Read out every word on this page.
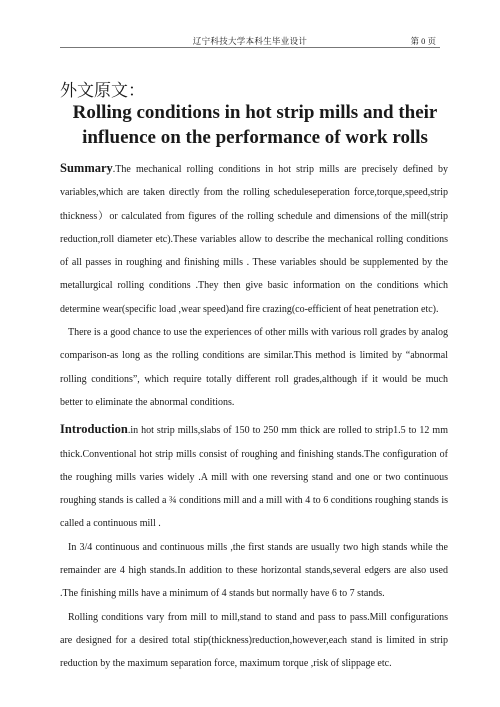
辽宁科技大学本科生毕业设计	第 0 页
外文原文：
Rolling conditions in hot strip mills and their influence on the performance of work rolls

Summary.The mechanical rolling conditions in hot strip mills are precisely defined by variables,which are taken directly from the rolling scheduleseperation force,torque,speed,strip thickness）or calculated from figures of the rolling schedule and dimensions of the mill(strip reduction,roll diameter etc).These variables allow to describe the mechanical rolling conditions of all passes in roughing and finishing mills . These variables should be supplemented by the metallurgical rolling conditions .They then give basic information on the conditions which determine wear(specific load ,wear speed)and fire crazing(co-efficient of heat penetration etc).

There is a good chance to use the experiences of other mills with various roll grades by analog comparison-as long as the rolling conditions are similar.This method is limited by “abnormal rolling conditions”, which require totally different roll grades,although if it would be much better to eliminate the abnormal conditions.

Introduction.in hot strip mills,slabs of 150 to 250 mm thick are rolled to strip1.5 to 12 mm thick.Conventional hot strip mills consist of roughing and finishing stands.The configuration of the roughing mills varies widely .A mill with one reversing stand and one or two continuous roughing stands is called a ¾ conditions mill and a mill with 4 to 6 conditions roughing stands is called a continuous mill .

In 3/4 continuous and continuous mills ,the first stands are usually two high stands while the remainder are 4 high stands.In addition to these horizontal stands,several edgers are also used .The finishing mills have a minimum of 4 stands but normally have 6 to 7 stands.

Rolling conditions vary from mill to mill,stand to stand and pass to pass.Mill configurations are designed for a desired total stip(thickness)reduction,however,each stand is limited in strip reduction by the maximum separation force, maximum torque ,risk of slippage etc.
